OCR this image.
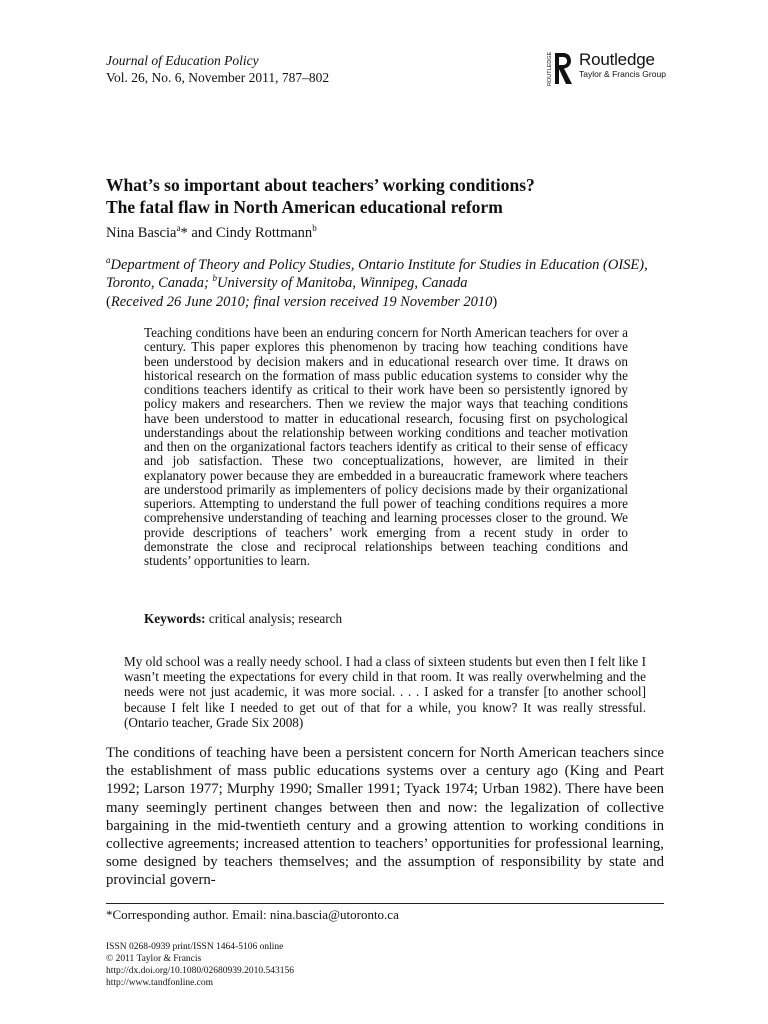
Journal of Education Policy
Vol. 26, No. 6, November 2011, 787–802	ROUTLEDGE Routledge
Taylor & Francis Group
What’s so important about teachers’ working conditions?
The fatal flaw in North American educational reform
Nina Bascia$^a$* and Cindy Rottmann$^b$
$^a$Department of Theory and Policy Studies, Ontario Institute for Studies in Education (OISE), Toronto, Canada; $^b$University of Manitoba, Winnipeg, Canada
(Received 26 June 2010; final version received 19 November 2010)
Teaching conditions have been an enduring concern for North American teachers for over a century. This paper explores this phenomenon by tracing how teaching conditions have been understood by decision makers and in educational research over time. It draws on historical research on the formation of mass public education systems to consider why the conditions teachers identify as critical to their work have been so persistently ignored by policy makers and researchers. Then we review the major ways that teaching conditions have been understood to matter in educational research, focusing first on psychological understandings about the relationship between working conditions and teacher motivation and then on the organizational factors teachers identify as critical to their sense of efficacy and job satisfaction. These two conceptualizations, however, are limited in their explanatory power because they are embedded in a bureaucratic framework where teachers are understood primarily as implementers of policy decisions made by their organizational superiors. Attempting to understand the full power of teaching conditions requires a more comprehensive understanding of teaching and learning processes closer to the ground. We provide descriptions of teachers’ work emerging from a recent study in order to demonstrate the close and reciprocal relationships between teaching conditions and students’ opportunities to learn.
Keywords: critical analysis; research
My old school was a really needy school. I had a class of sixteen students but even then I felt like I wasn’t meeting the expectations for every child in that room. It was really overwhelming and the needs were not just academic, it was more social. . . . I asked for a transfer [to another school] because I felt like I needed to get out of that for a while, you know? It was really stressful. (Ontario teacher, Grade Six 2008)
The conditions of teaching have been a persistent concern for North American teachers since the establishment of mass public educations systems over a century ago (King and Peart 1992; Larson 1977; Murphy 1990; Smaller 1991; Tyack 1974; Urban 1982). There have been many seemingly pertinent changes between then and now: the legalization of collective bargaining in the mid-twentieth century and a growing attention to working conditions in collective agreements; increased attention to teachers’ opportunities for professional learning, some designed by teachers themselves; and the assumption of responsibility by state and provincial govern-
*Corresponding author. Email: nina.bascia@utoronto.ca
ISSN 0268-0939 print/ISSN 1464-5106 online
© 2011 Taylor & Francis
http://dx.doi.org/10.1080/02680939.2010.543156
http://www.tandfonline.com
